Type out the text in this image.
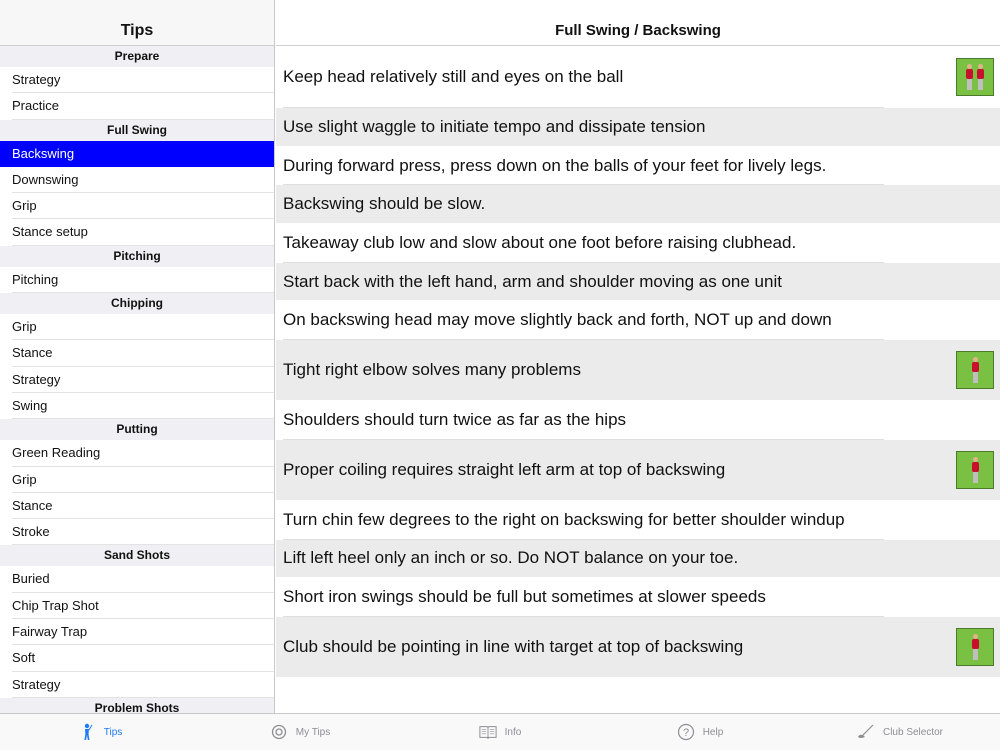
Tips
Prepare
Strategy
Practice
Full Swing
Backswing
Downswing
Grip
Stance setup
Pitching
Pitching
Chipping
Grip
Stance
Strategy
Swing
Putting
Green Reading
Grip
Stance
Stroke
Sand Shots
Buried
Chip Trap Shot
Fairway Trap
Soft
Strategy
Problem Shots
Full Swing / Backswing
Keep head relatively still and eyes on the ball
Use slight waggle to initiate tempo and dissipate tension
During forward press, press down on the balls of your feet for lively legs.
Backswing should be slow.
Takeaway club low and slow about one foot before raising clubhead.
Start back with the left hand, arm and shoulder moving as one unit
On backswing head may move slightly back and forth, NOT up and down
Tight right elbow solves many problems
Shoulders should turn twice as far as the hips
Proper coiling requires straight left arm at top of backswing
Turn chin few degrees to the right on backswing for better shoulder windup
Lift left heel only an inch or so. Do NOT balance on your toe.
Short iron swings should be full but sometimes at slower speeds
Club should be pointing in line with target at top of backswing
Tips	My Tips	Info	? Help	Club Selector
